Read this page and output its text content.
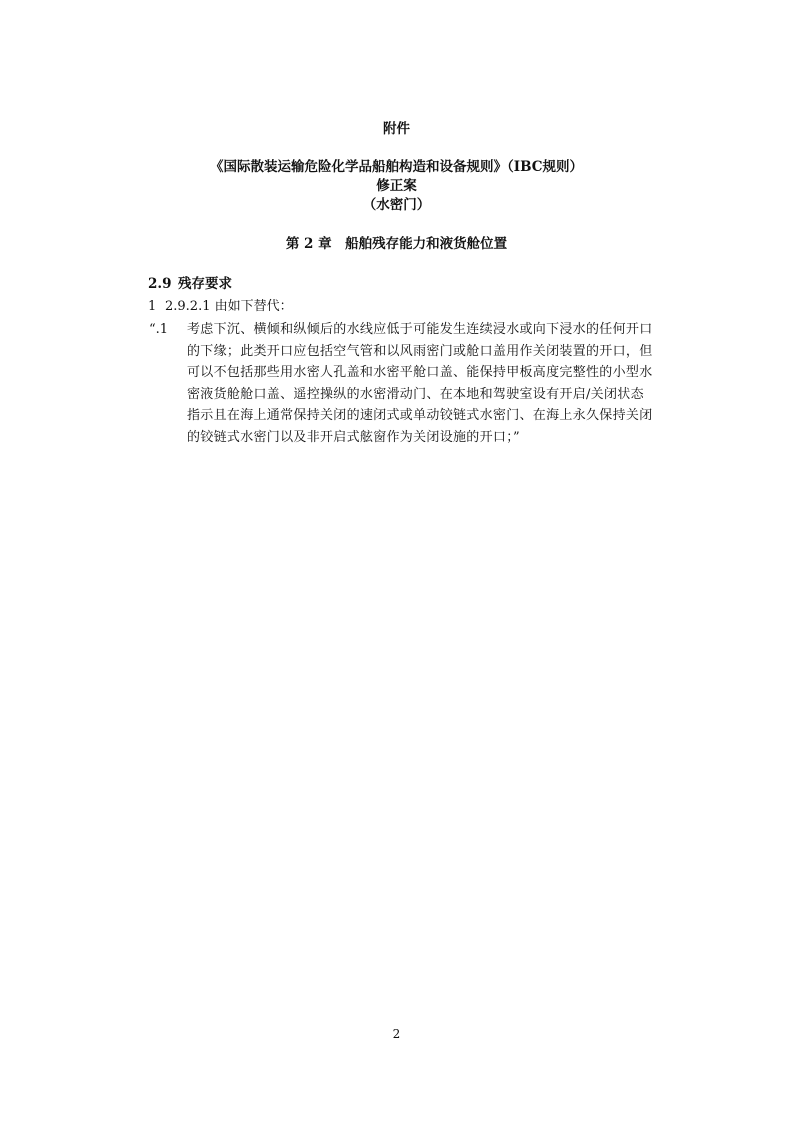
附件
《国际散装运输危险化学品船舶构造和设备规则》（IBC规则）
修正案
（水密门）
第 2 章　船舶残存能力和液货舱位置
2.9 残存要求
1 2.9.2.1 由如下替代：
“.1 考虑下沉、横倾和纵倾后的水线应低于可能发生连续浸水或向下浸水的任何开口
的下缘；此类开口应包括空气管和以风雨密门或舱口盖用作关闭装置的开口，但
可以不包括那些用水密人孔盖和水密平舱口盖、能保持甲板高度完整性的小型水
密液货舱舱口盖、遥控操纵的水密滑动门、在本地和驾驶室设有开启/关闭状态
指示且在海上通常保持关闭的速闭式或单动铰链式水密门、在海上永久保持关闭
的铰链式水密门以及非开启式舷窗作为关闭设施的开口；”
2
